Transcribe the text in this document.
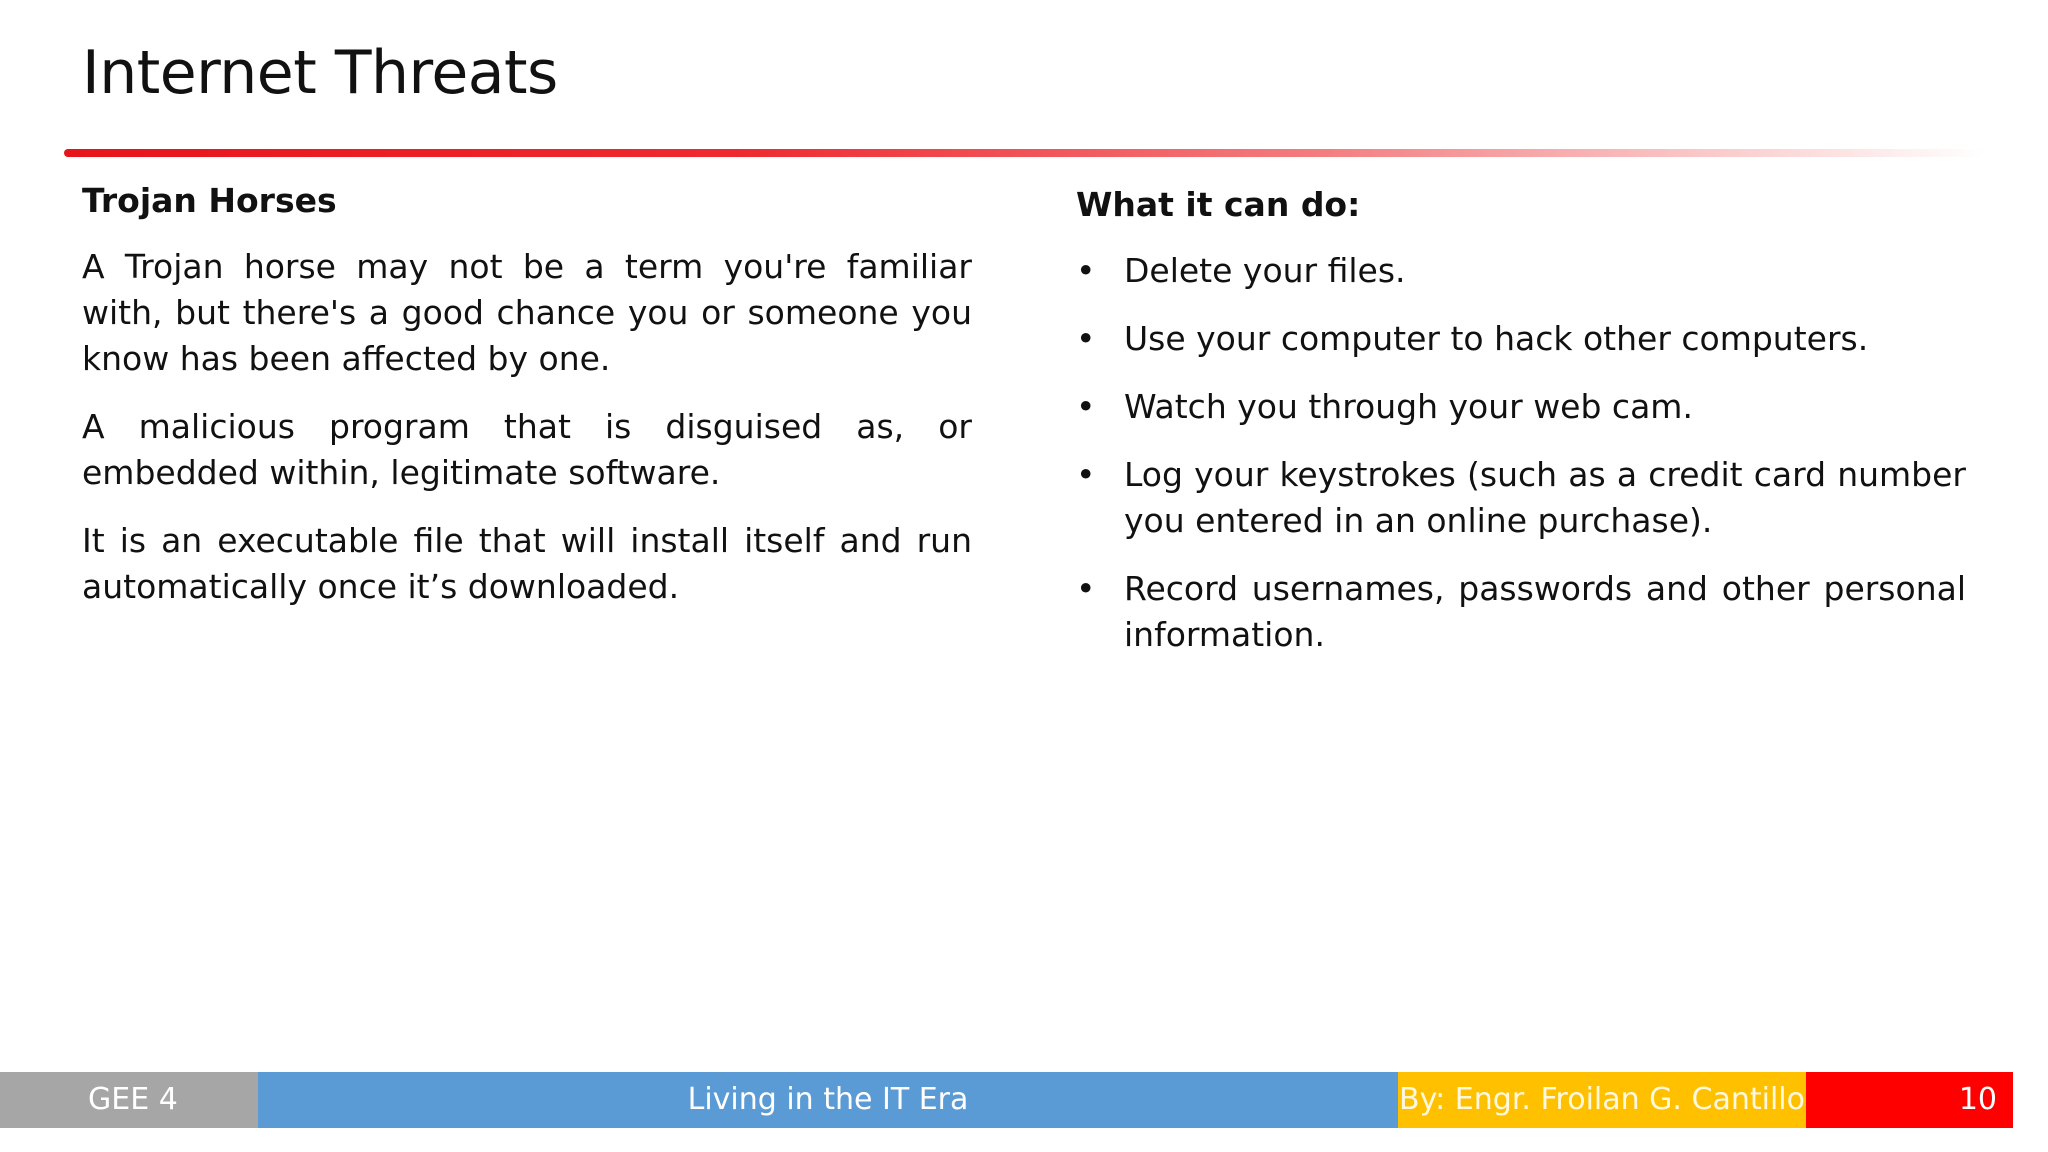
Internet Threats
Trojan Horses

A Trojan horse may not be a term you're familiar with, but there's a good chance you or someone you know has been affected by one.

A malicious program that is disguised as, or embedded within, legitimate software.

It is an executable file that will install itself and run automatically once it’s downloaded.

What it can do:
• Delete your files.
• Use your computer to hack other computers.
• Watch you through your web cam.
• Log your keystrokes (such as a credit card number you entered in an online purchase).
• Record usernames, passwords and other personal information.
GEE 4	Living in the IT Era	By: Engr. Froilan G. Cantillo	10
